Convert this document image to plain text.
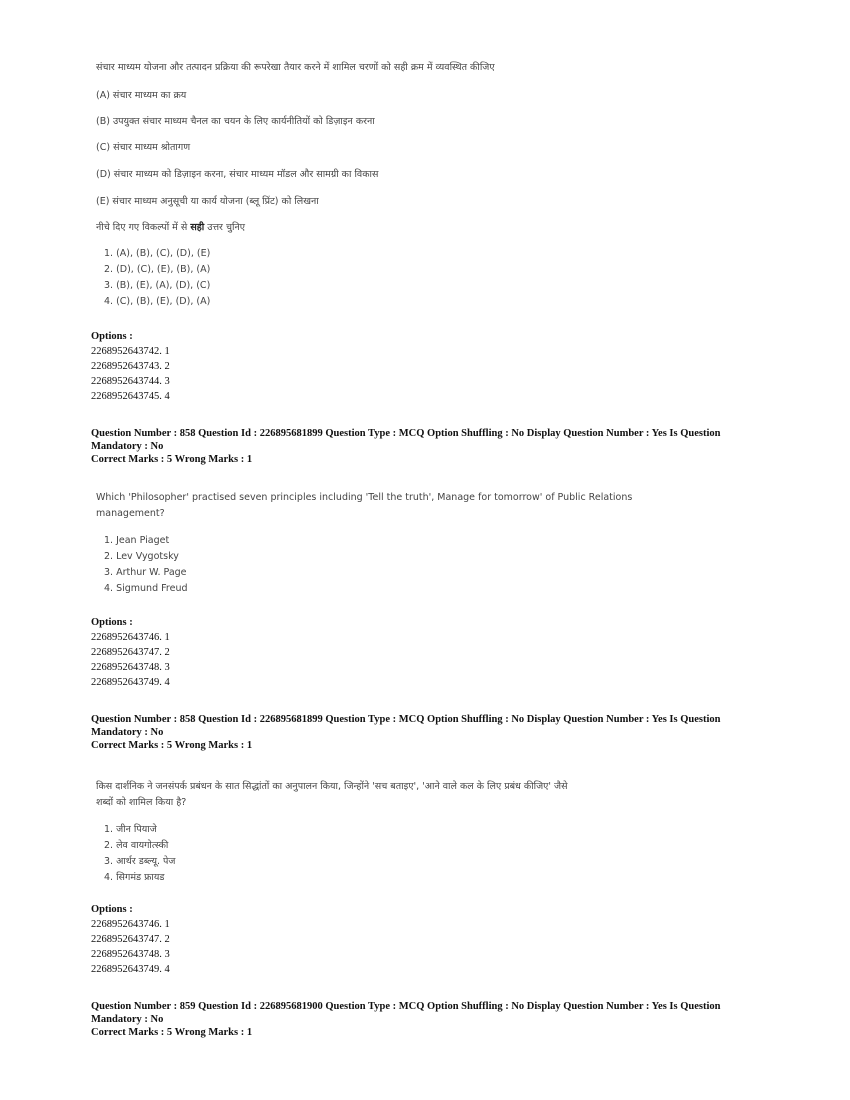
संचार माध्यम योजना और तत्पादन प्रक्रिया की रूपरेखा तैयार करने में शामिल चरणों को सही क्रम में व्यवस्थित कीजिए
(A) संचार माध्यम का क्रय
(B) उपयुक्त संचार माध्यम चैनल का चयन के लिए कार्यनीतियों को डिज़ाइन करना
(C) संचार माध्यम श्रोतागण
(D) संचार माध्यम को डिज़ाइन करना, संचार माध्यम मॉडल और सामग्री का विकास
(E) संचार माध्यम अनुसूची या कार्य योजना (ब्लू प्रिंट) को लिखना
नीचे दिए गए विकल्पों में से सही उत्तर चुनिए
1. (A), (B), (C), (D), (E)
2. (D), (C), (E), (B), (A)
3. (B), (E), (A), (D), (C)
4. (C), (B), (E), (D), (A)
Options :
2268952643742. 1
2268952643743. 2
2268952643744. 3
2268952643745. 4
Question Number : 858 Question Id : 226895681899 Question Type : MCQ Option Shuffling : No Display Question Number : Yes Is Question
Mandatory : No
Correct Marks : 5 Wrong Marks : 1
Which 'Philosopher' practised seven principles including 'Tell the truth', Manage for tomorrow' of Public Relations
management?
1. Jean Piaget
2. Lev Vygotsky
3. Arthur W. Page
4. Sigmund Freud
Options :
2268952643746. 1
2268952643747. 2
2268952643748. 3
2268952643749. 4
Question Number : 858 Question Id : 226895681899 Question Type : MCQ Option Shuffling : No Display Question Number : Yes Is Question
Mandatory : No
Correct Marks : 5 Wrong Marks : 1
किस दार्शनिक ने जनसंपर्क प्रबंधन के सात सिद्धांतों का अनुपालन किया, जिन्होंने 'सच बताइए', 'आने वाले कल के लिए प्रबंध कीजिए' जैसे
शब्दों को शामिल किया है?
1. जीन पियाजे
2. लेव वायगोत्स्की
3. आर्थर डब्ल्यू. पेज
4. सिगमंड फ्रायड
Options :
2268952643746. 1
2268952643747. 2
2268952643748. 3
2268952643749. 4
Question Number : 859 Question Id : 226895681900 Question Type : MCQ Option Shuffling : No Display Question Number : Yes Is Question
Mandatory : No
Correct Marks : 5 Wrong Marks : 1
